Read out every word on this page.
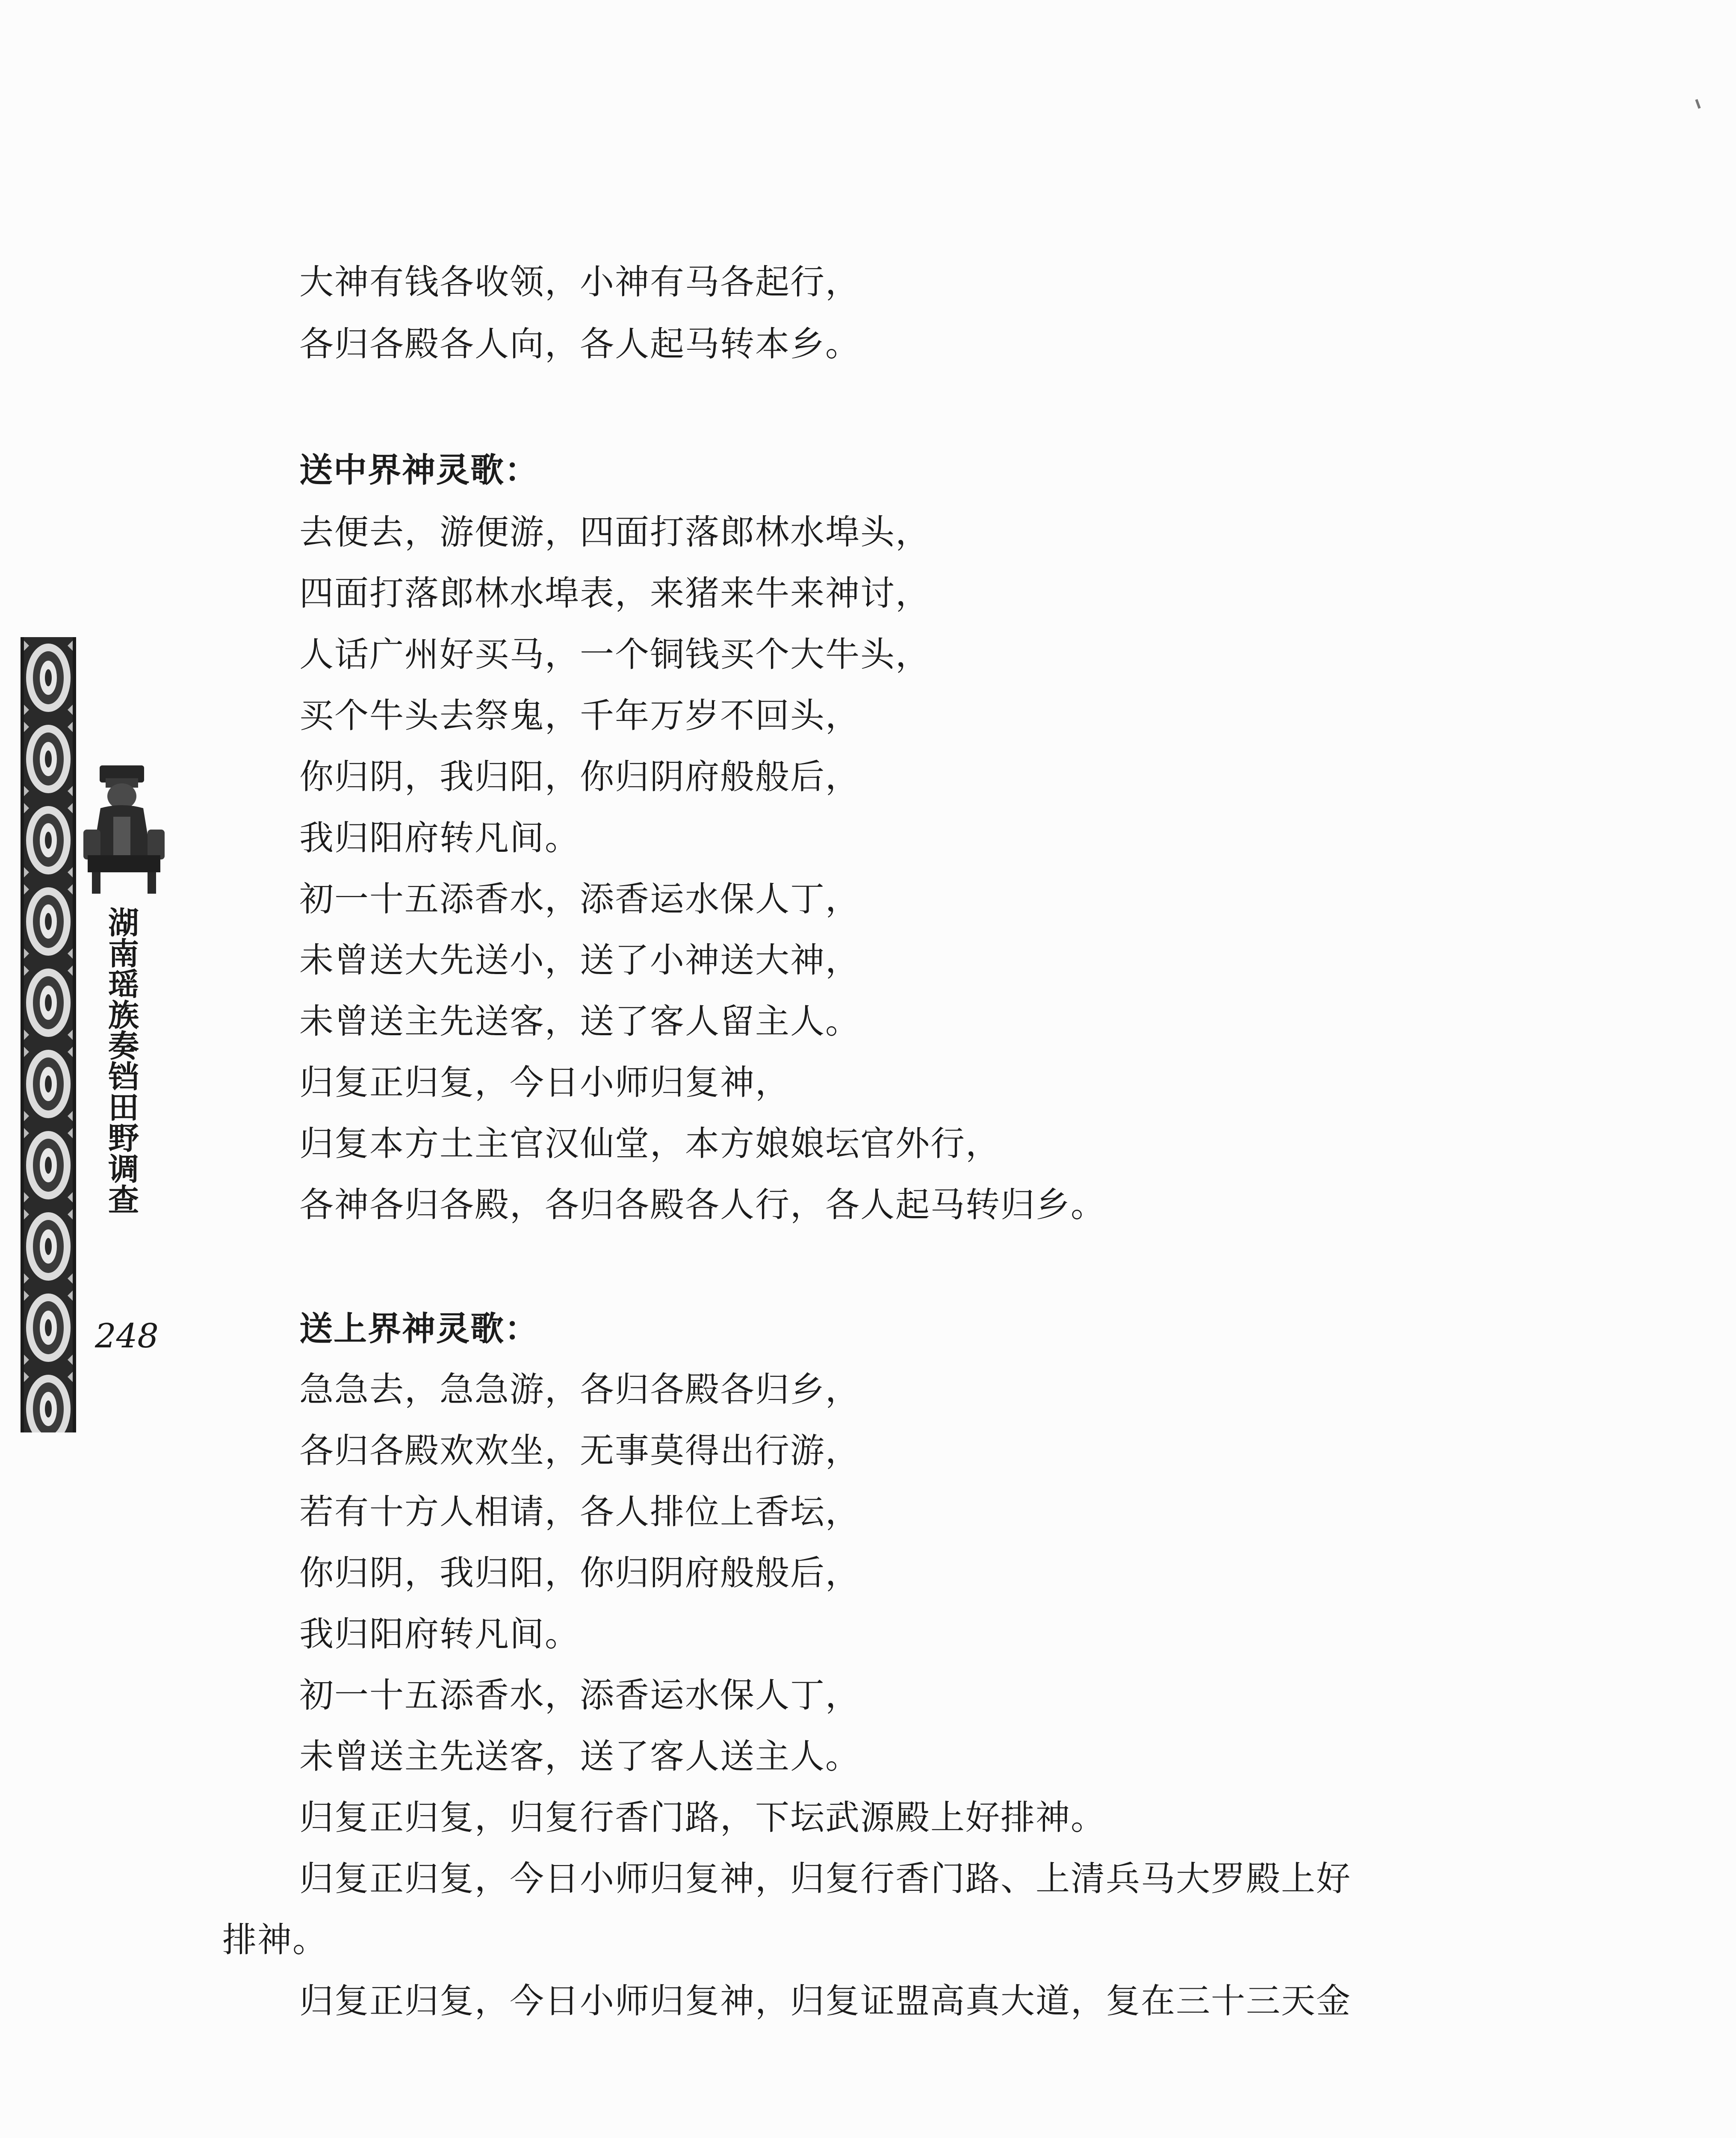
湖南瑶族奏铛田野调查
248
大神有钱各收领，小神有马各起行，
各归各殿各人向，各人起马转本乡。
送中界神灵歌：
去便去，游便游，四面打落郎林水埠头，
四面打落郎林水埠表，来猪来牛来神讨，
人话广州好买马，一个铜钱买个大牛头，
买个牛头去祭鬼，千年万岁不回头，
你归阴，我归阳，你归阴府般般后，
我归阳府转凡间。
初一十五添香水，添香运水保人丁，
未曾送大先送小，送了小神送大神，
未曾送主先送客，送了客人留主人。
归复正归复，今日小师归复神，
归复本方土主官汉仙堂，本方娘娘坛官外行，
各神各归各殿，各归各殿各人行，各人起马转归乡。
送上界神灵歌：
急急去，急急游，各归各殿各归乡，
各归各殿欢欢坐，无事莫得出行游，
若有十方人相请，各人排位上香坛，
你归阴，我归阳，你归阴府般般后，
我归阳府转凡间。
初一十五添香水，添香运水保人丁，
未曾送主先送客，送了客人送主人。
归复正归复，归复行香门路，下坛武源殿上好排神。
归复正归复，今日小师归复神，归复行香门路、上清兵马大罗殿上好
排神。
归复正归复，今日小师归复神，归复证盟高真大道，复在三十三天金
